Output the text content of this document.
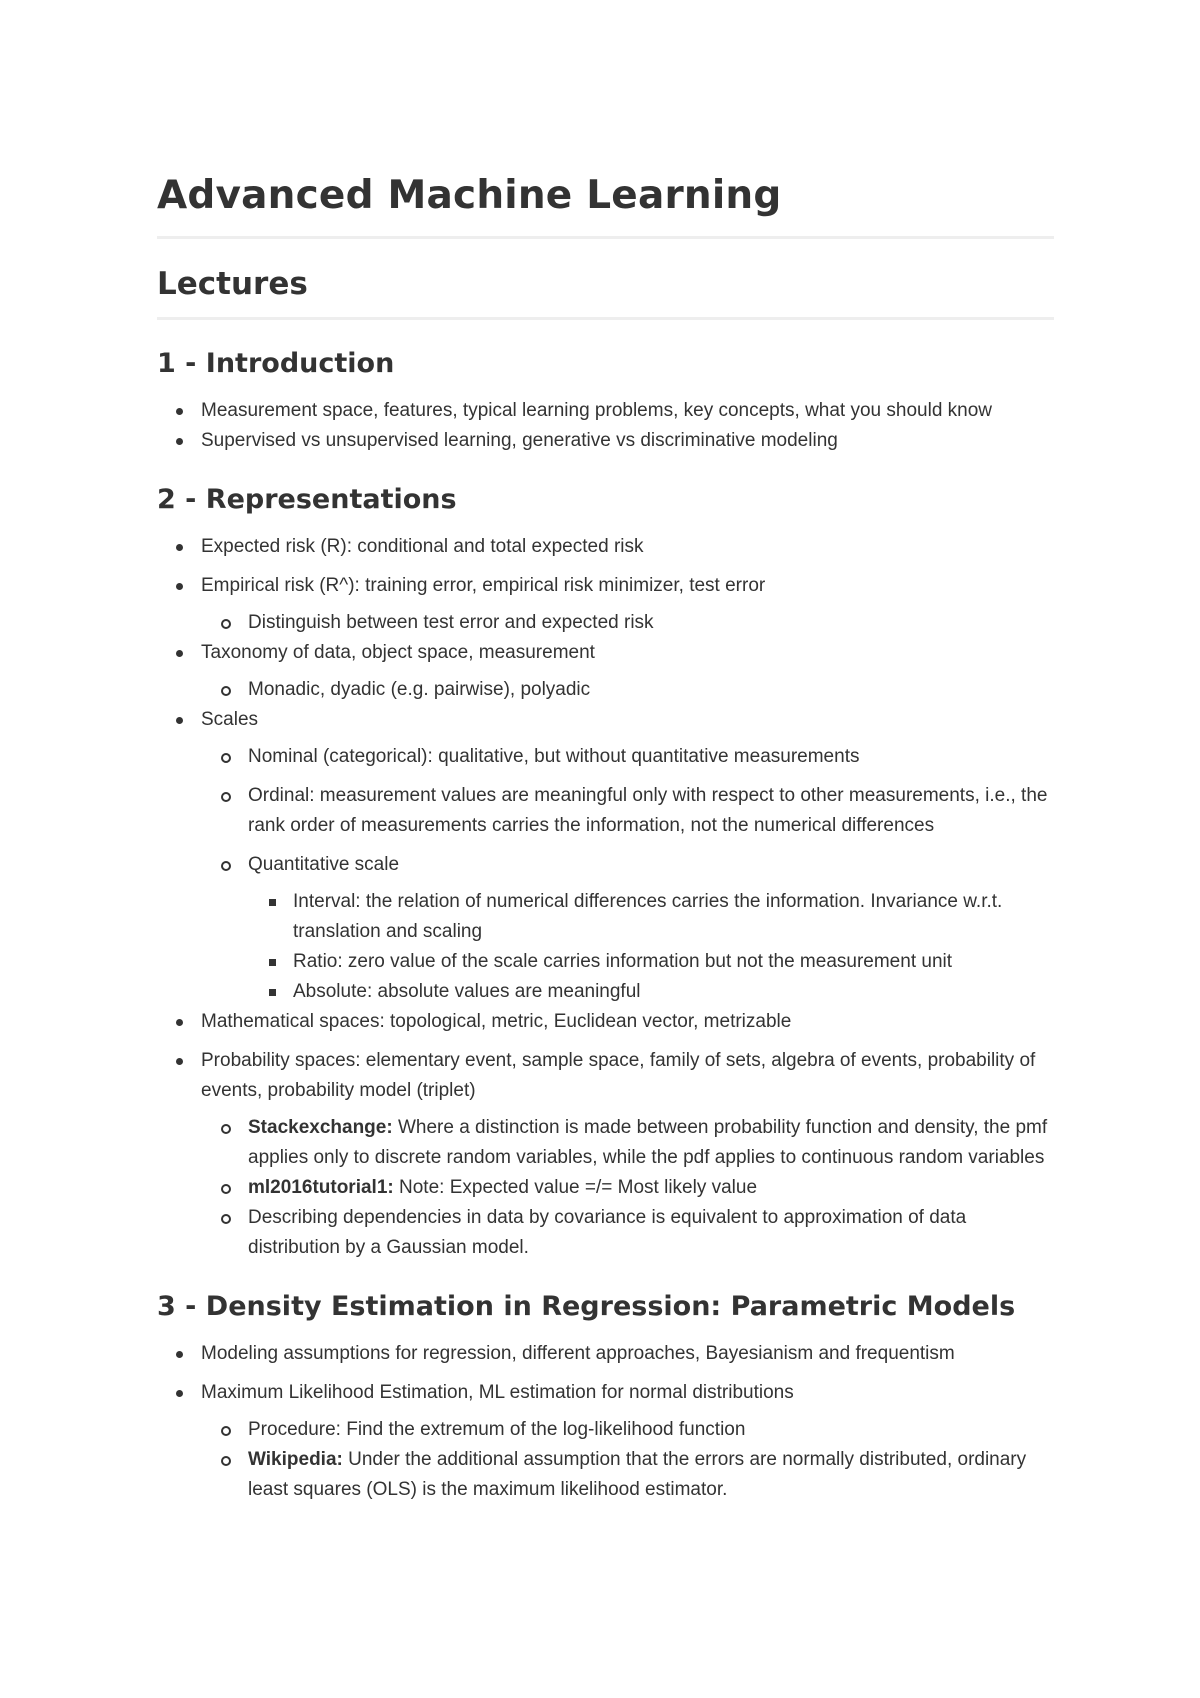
Advanced Machine Learning
Lectures
1 - Introduction
Measurement space, features, typical learning problems, key concepts, what you should know
Supervised vs unsupervised learning, generative vs discriminative modeling
2 - Representations
Expected risk (R): conditional and total expected risk
Empirical risk (R^): training error, empirical risk minimizer, test error
Distinguish between test error and expected risk
Taxonomy of data, object space, measurement
Monadic, dyadic (e.g. pairwise), polyadic
Scales
Nominal (categorical): qualitative, but without quantitative measurements
Ordinal: measurement values are meaningful only with respect to other measurements, i.e., the rank order of measurements carries the information, not the numerical differences
Quantitative scale
Interval: the relation of numerical differences carries the information. Invariance w.r.t. translation and scaling
Ratio: zero value of the scale carries information but not the measurement unit
Absolute: absolute values are meaningful
Mathematical spaces: topological, metric, Euclidean vector, metrizable
Probability spaces: elementary event, sample space, family of sets, algebra of events, probability of events, probability model (triplet)
Stackexchange: Where a distinction is made between probability function and density, the pmf applies only to discrete random variables, while the pdf applies to continuous random variables
ml2016tutorial1: Note: Expected value =/= Most likely value
Describing dependencies in data by covariance is equivalent to approximation of data distribution by a Gaussian model.
3 - Density Estimation in Regression: Parametric Models
Modeling assumptions for regression, different approaches, Bayesianism and frequentism
Maximum Likelihood Estimation, ML estimation for normal distributions
Procedure: Find the extremum of the log-likelihood function
Wikipedia: Under the additional assumption that the errors are normally distributed, ordinary least squares (OLS) is the maximum likelihood estimator.
